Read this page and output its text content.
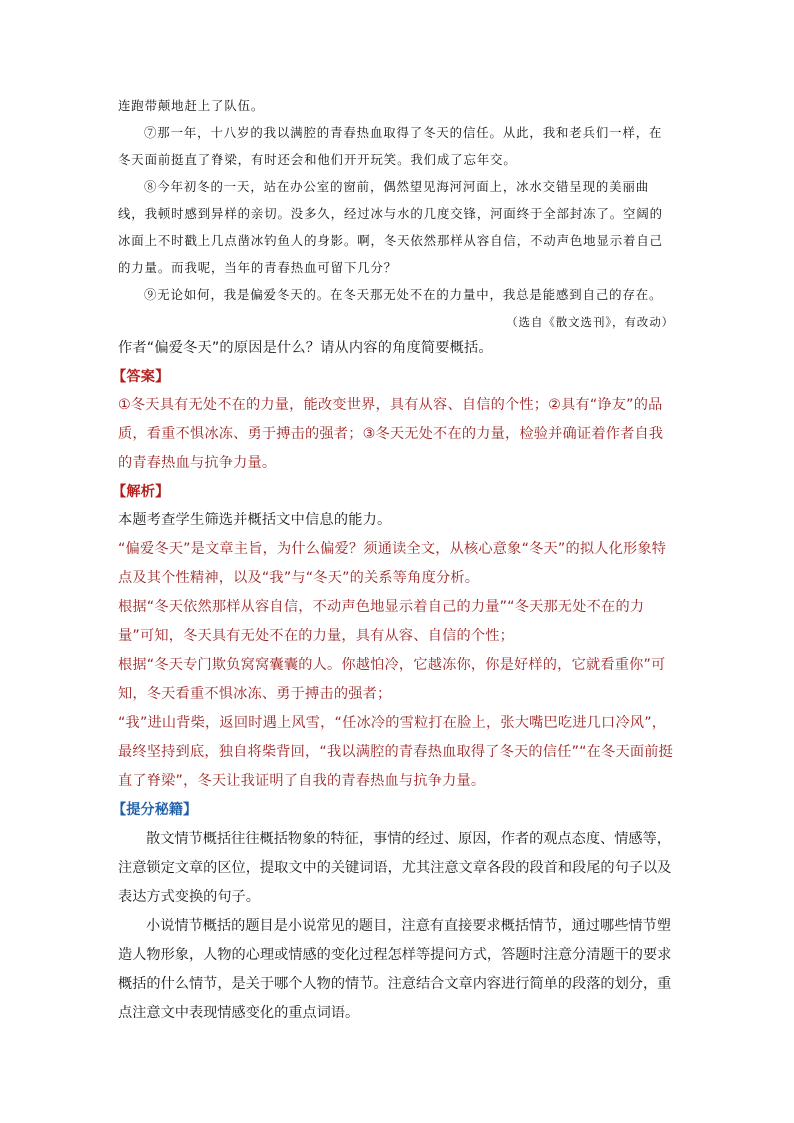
连跑带颠地赶上了队伍。

⑦那一年，十八岁的我以满腔的青春热血取得了冬天的信任。从此，我和老兵们一样，在冬天面前挺直了脊梁，有时还会和他们开开玩笑。我们成了忘年交。

⑧今年初冬的一天，站在办公室的窗前，偶然望见海河河面上，冰水交错呈现的美丽曲线，我顿时感到异样的亲切。没多久，经过冰与水的几度交锋，河面终于全部封冻了。空阔的冰面上不时戳上几点凿冰钓鱼人的身影。啊，冬天依然那样从容自信，不动声色地显示着自己的力量。而我呢，当年的青春热血可留下几分？

⑨无论如何，我是偏爱冬天的。在冬天那无处不在的力量中，我总是能感到自己的存在。

（选自《散文选刊》，有改动）

作者“偏爱冬天”的原因是什么？请从内容的角度简要概括。

【答案】

①冬天具有无处不在的力量，能改变世界，具有从容、自信的个性；②具有“诤友”的品质，看重不惧冰冻、勇于搏击的强者；③冬天无处不在的力量，检验并确证着作者自我的青春热血与抗争力量。

【解析】

本题考查学生筛选并概括文中信息的能力。

“偏爱冬天”是文章主旨，为什么偏爱？须通读全文，从核心意象“冬天”的拟人化形象特点及其个性精神，以及“我”与“冬天”的关系等角度分析。

根据“冬天依然那样从容自信，不动声色地显示着自己的力量”“冬天那无处不在的力量”可知，冬天具有无处不在的力量，具有从容、自信的个性；

根据“冬天专门欺负窝窝囊囊的人。你越怕冷，它越冻你，你是好样的，它就看重你”可知，冬天看重不惧冰冻、勇于搏击的强者；

“我”进山背柴，返回时遇上风雪，“任冰冷的雪粒打在脸上，张大嘴巴吃进几口冷风”，最终坚持到底，独自将柴背回，“我以满腔的青春热血取得了冬天的信任”“在冬天面前挺直了脊梁”，冬天让我证明了自我的青春热血与抗争力量。

【提分秘籍】

散文情节概括往往概括物象的特征，事情的经过、原因，作者的观点态度、情感等，注意锁定文章的区位，提取文中的关键词语，尤其注意文章各段的段首和段尾的句子以及表达方式变换的句子。

小说情节概括的题目是小说常见的题目，注意有直接要求概括情节，通过哪些情节塑造人物形象，人物的心理或情感的变化过程怎样等提问方式，答题时注意分清题干的要求概括的什么情节，是关于哪个人物的情节。注意结合文章内容进行简单的段落的划分，重点注意文中表现情感变化的重点词语。
